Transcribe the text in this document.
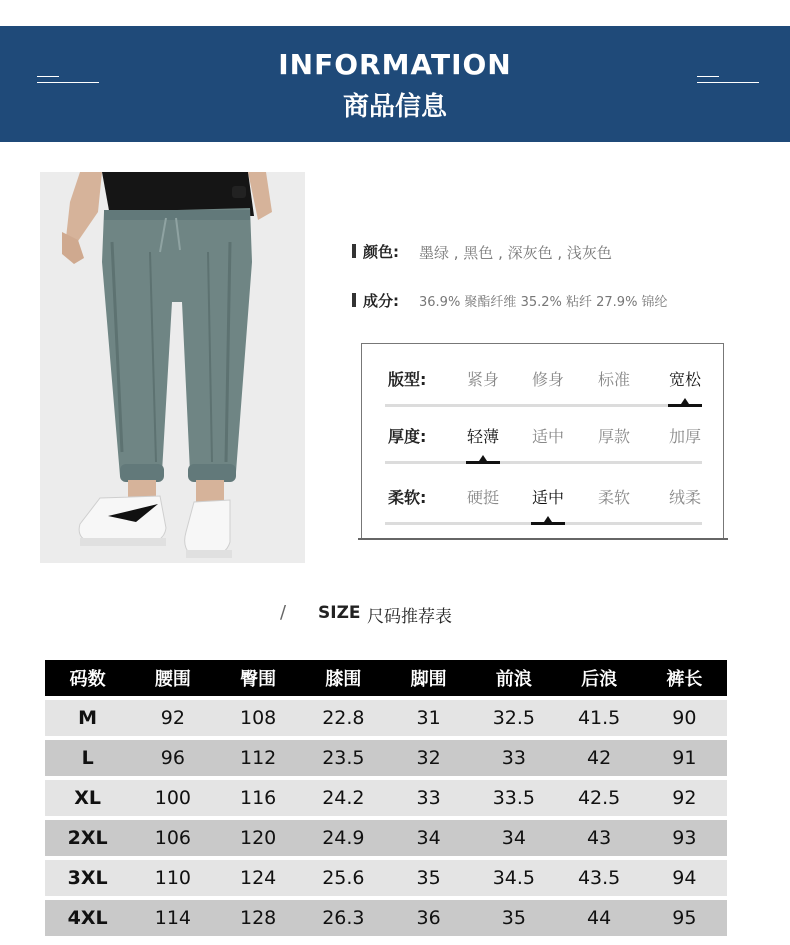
INFORMATION
商品信息
颜色: 墨绿 , 黑色 , 深灰色 , 浅灰色
成分: 36.9% 聚酯纤维 35.2% 粘纤 27.9% 锦纶
版型:	紧身	修身	标准	宽松
厚度:	轻薄	适中	厚款	加厚
柔软:	硬挺	适中	柔软	绒柔
/ SIZE 尺码推荐表
码数	腰围	臀围	膝围	脚围	前浪	后浪	裤长
M	92	108	22.8	31	32.5	41.5	90
L	96	112	23.5	32	33	42	91
XL	100	116	24.2	33	33.5	42.5	92
2XL	106	120	24.9	34	34	43	93
3XL	110	124	25.6	35	34.5	43.5	94
4XL	114	128	26.3	36	35	44	95
